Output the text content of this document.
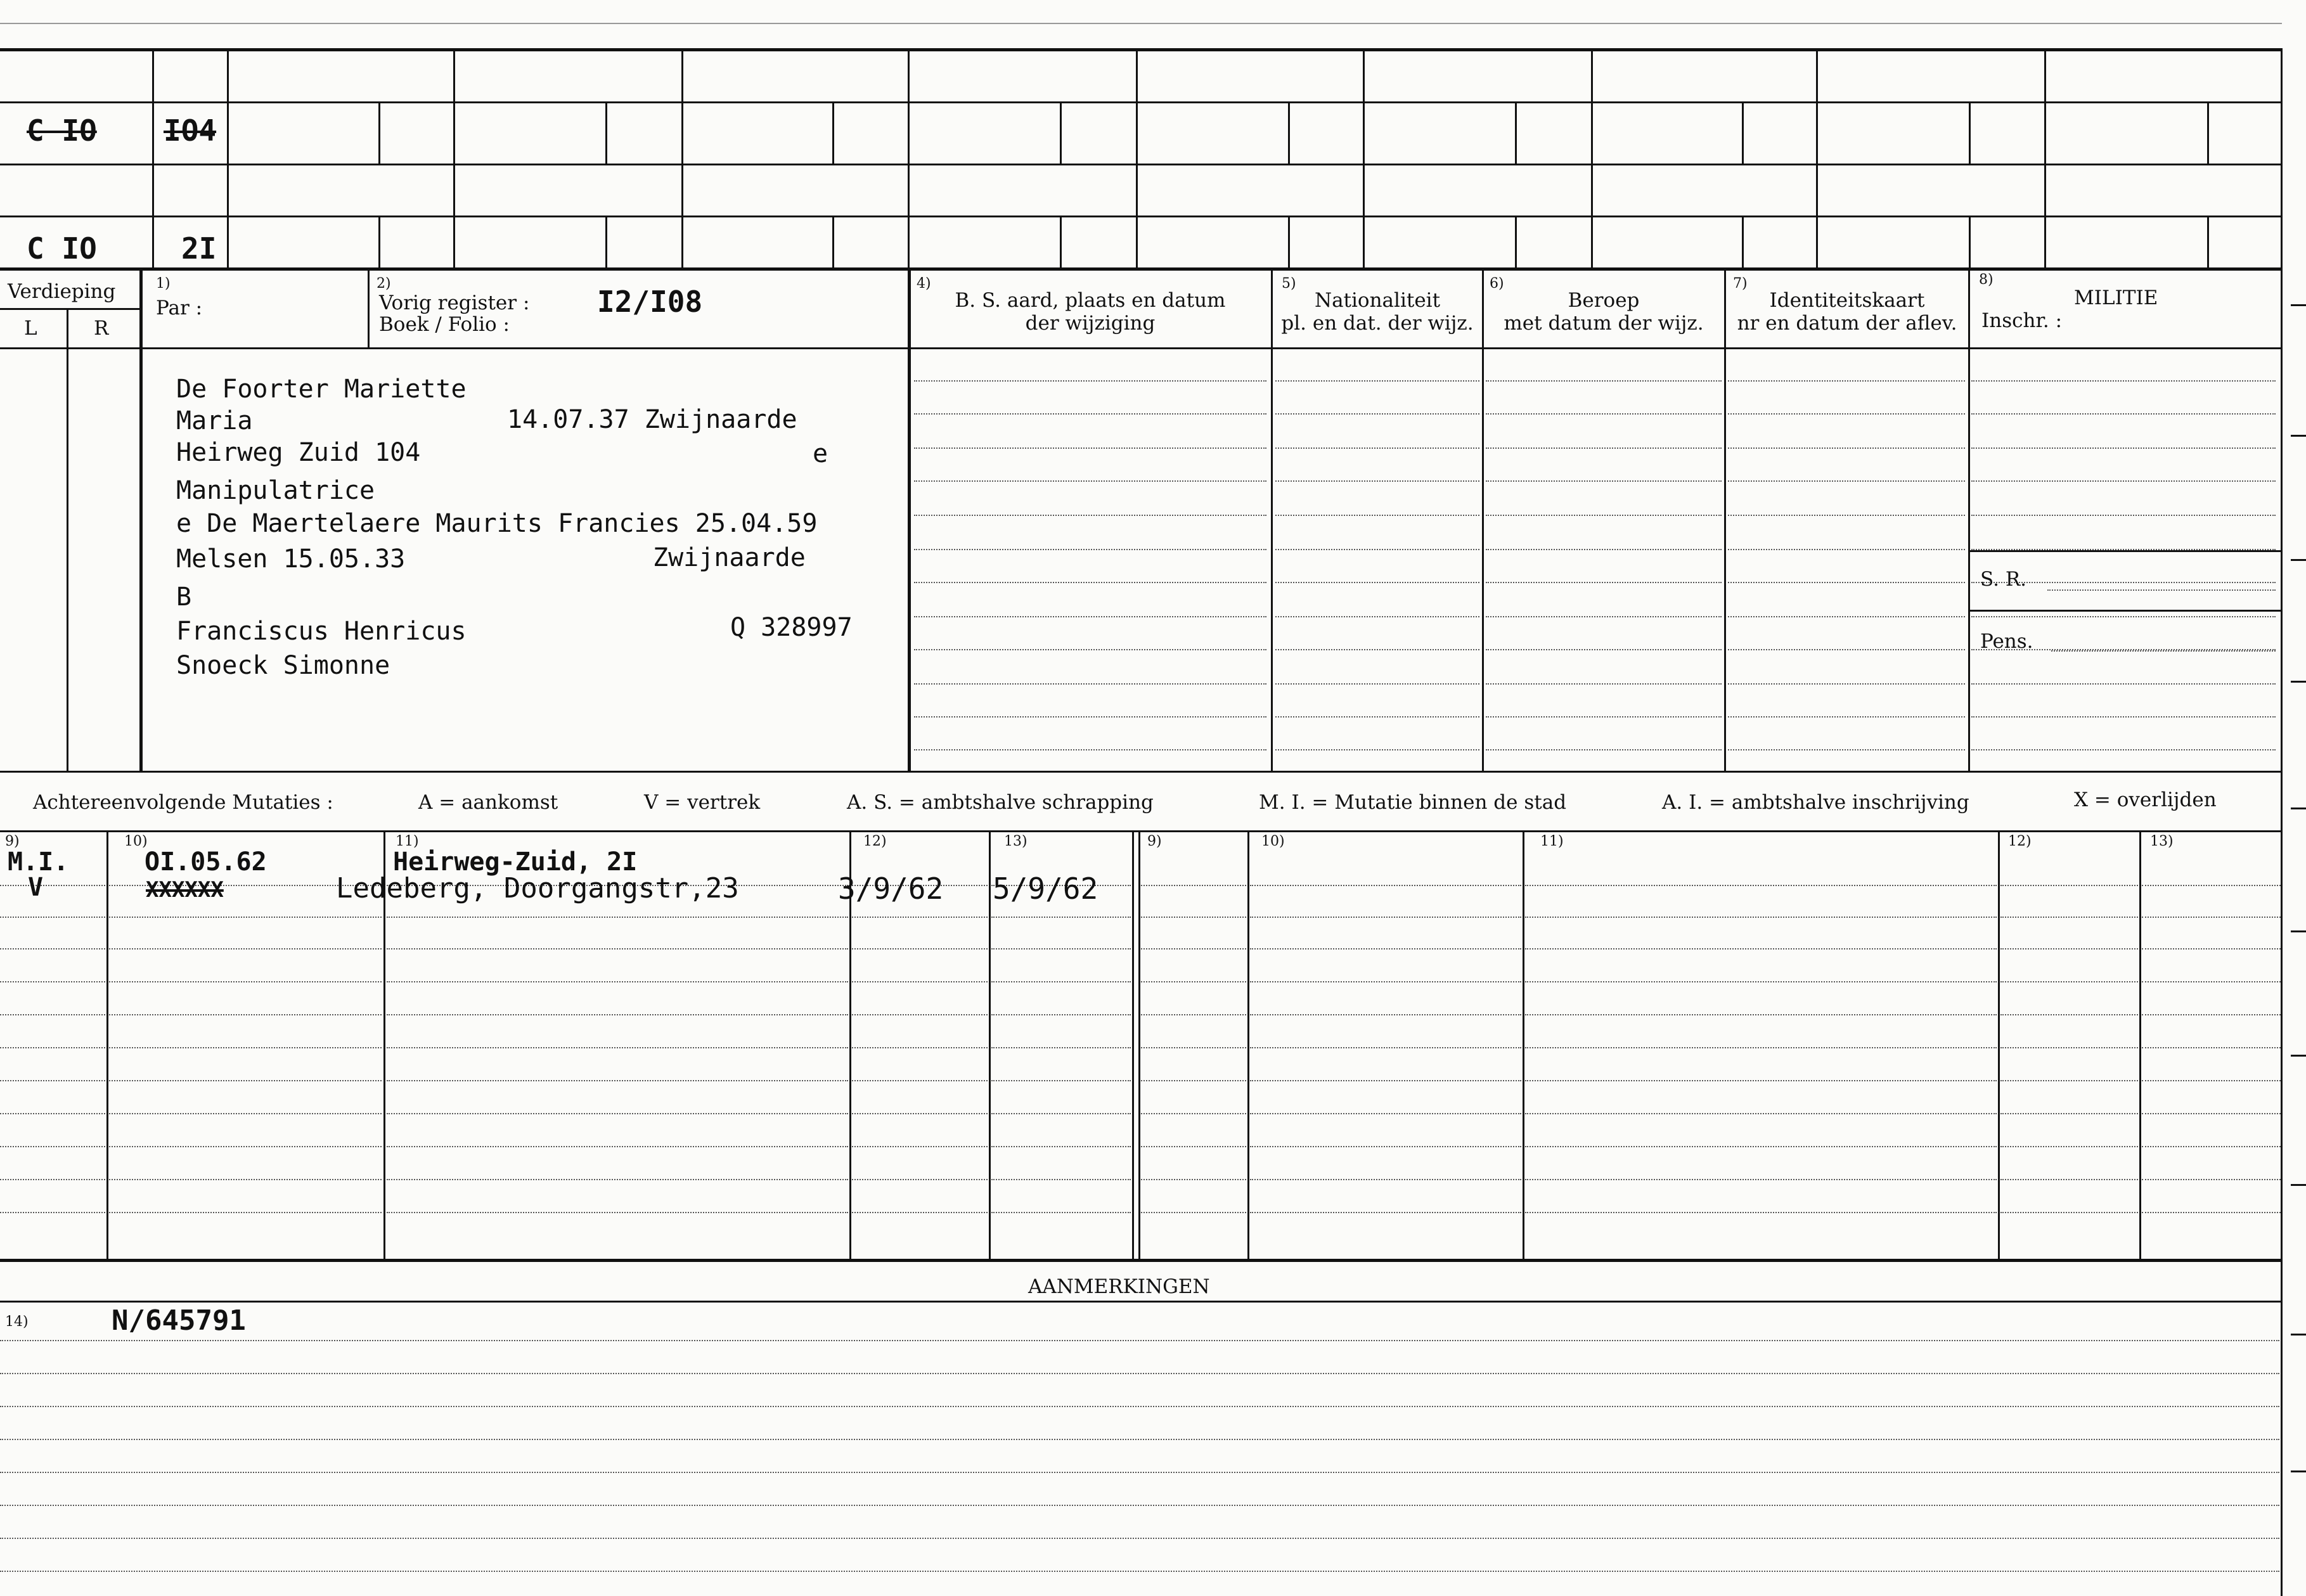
C IO IO4
C IO	2I
Verdieping
L	R
1)
Par :
2)
Vorig register :
Boek / Folio :
I2/I08
4)
B. S. aard, plaats en datum
der wijziging
5)
Nationaliteit
pl. en dat. der wijz.
6)
Beroep
met datum der wijz.
7)
Identiteitskaart
nr en datum der aflev.
8)
MILITIE
Inschr. :
S. R.
Pens.
De Foorter Mariette
Maria	14.07.37 Zwijnaarde
Heirweg Zuid 104	e
Manipulatrice
e De Maertelaere Maurits Francies 25.04.59
Melsen 15.05.33	Zwijnaarde
B
Franciscus Henricus	Q 328997
Snoeck Simonne
Achtereenvolgende Mutaties :	A = aankomst	V = vertrek	A. S. = ambtshalve schrapping	M. I. = Mutatie binnen de stad	A. I. = ambtshalve inschrijving	X = overlijden
9)	10)	11)	12)	13)	9)	10)	11)	12)	13)
M.I.	OI.05.62	Heirweg-Zuid, 2I
V	XXXXXX	Ledeberg, Doorgangstr,23	3/9/62 5/9/62
AANMERKINGEN
14)	N/645791
